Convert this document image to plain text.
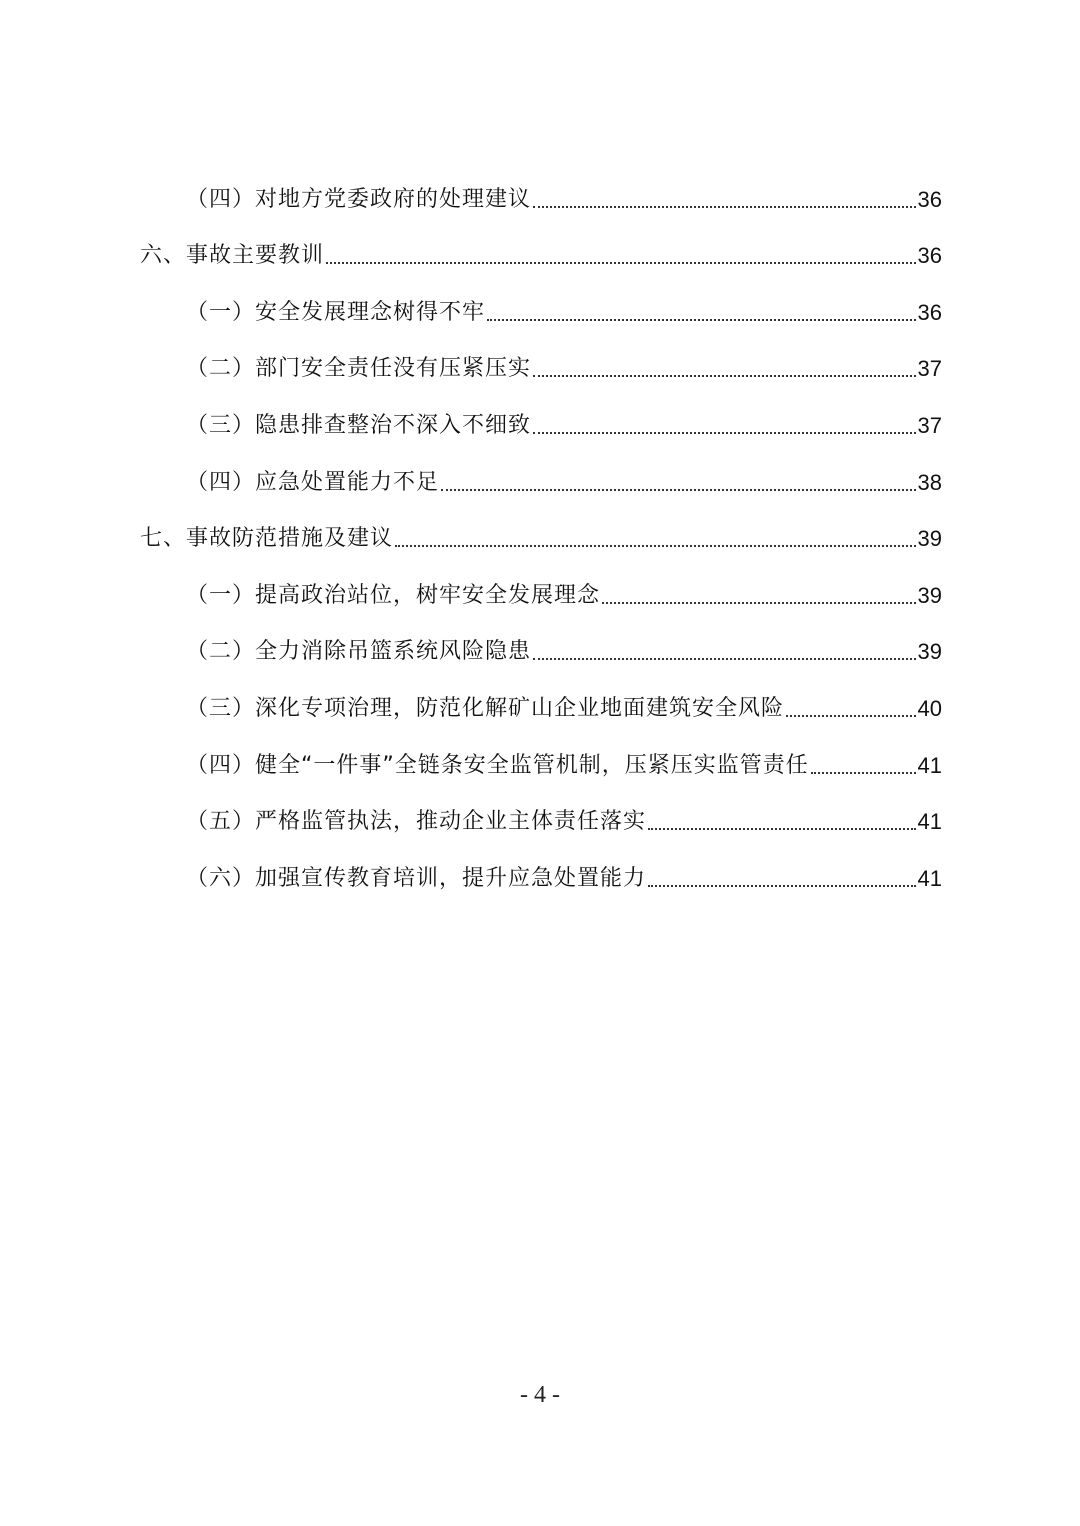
（四）对地方党委政府的处理建议	36
六、事故主要教训	36
（一）安全发展理念树得不牢	36
（二）部门安全责任没有压紧压实	37
（三）隐患排查整治不深入不细致	37
（四）应急处置能力不足	38
七、事故防范措施及建议	39
（一）提高政治站位，树牢安全发展理念	39
（二）全力消除吊篮系统风险隐患	39
（三）深化专项治理，防范化解矿山企业地面建筑安全风险	40
（四）健全“一件事”全链条安全监管机制，压紧压实监管责任	41
（五）严格监管执法，推动企业主体责任落实	41
（六）加强宣传教育培训，提升应急处置能力	41
- 4 -
